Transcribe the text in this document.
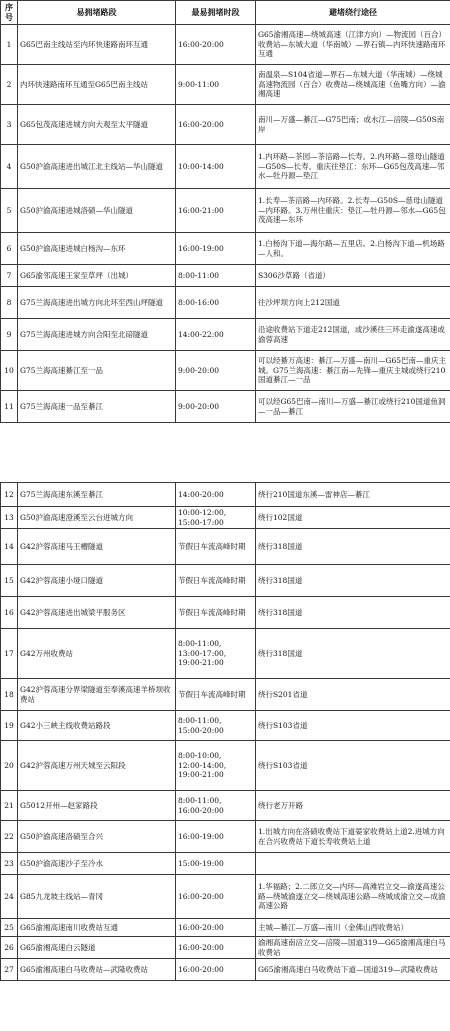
序号	易拥堵路段	最易拥堵时段	避堵绕行途径
1	G65巴南主线站至内环快速路南环互通	16:00-20:00	G65渝湘高速—绕城高速（江津方向）—物流园（百合）收费站—东城大道（华南城）—界石镇—内环快速路南环互通
2	内环快速路南环互通至G65巴南主线站	9:00-11:00	南温泉—S104省道—界石—东城大道（华南城）—绕城高速物流园（百合）收费站—绕城高速（鱼嘴方向）—渝湘高速
3	G65包茂高速进城方向大观至太平隧道	16:00-20:00	南川—万盛—綦江—G75巴南；或水江—涪陵—G50S南岸
4	G50沪渝高速进出城江北主线站—华山隧道	10:00-14:00	1.内环路—茶园—茶涪路—长寿。2.内环路—慈母山隧道—G50S—长寿。重庆往垫江：东环—G65包茂高速—邻水—牡丹源—垫江
5	G50沪渝高速进城洛碛—华山隧道	16:00-21:00	1.长寿—茶涪路—内环路。2.长寿—G50S—慈母山隧道—内环路。3.万州往重庆：垫江—牡丹源—邻水—G65包茂高速—东环
6	G50沪渝高速进城白杨沟—东环	16:00-19:00	1.白杨沟下道—海尔路—五里店。2.白杨沟下道—机场路—人和。
7	G65渝邻高速王家至草坪（出城）	8:00-11:00	S306沙草路（省道）
8	G75兰海高速进出城方向北环至西山坪隧道	8:00-16:00	往沙坪坝方向上212国道
9	G75兰海高速进城方向合阳至北碚隧道	14:00-22:00	沿途收费站下道走212国道，或沙溪往三环走渝遂高速或渝蓉高速
10	G75兰海高速綦江至一品	9:00-20:00	可以经綦万高速：綦江—万盛—南川—G65巴南—重庆主城。G75兰海高速：綦江南—先锋—重庆主城或绕行210国道綦江—一品
11	G75兰海高速一品至綦江	9:00-20:00	可以经G65巴南—南川—万盛—綦江或绕行210国道鱼洞—一品—綦江
12	G75兰海高速东溪至綦江	14:00-20:00	绕行210国道东溪—雷神店—綦江
13	G50沪渝高速澄溪至云台进城方向	10:00-12:00,
15:00-17:00	绕行102国道
14	G42沪蓉高速马王槽隧道	节假日车流高峰时期	绕行318国道
15	G42沪蓉高速小垭口隧道	节假日车流高峰时期	绕行318国道
16	G42沪蓉高速进出城梁平服务区	节假日车流高峰时期	绕行318国道
17	G42万州收费站	8:00-11:00,
13:00-17:00,
19:00-21:00	绕行318国道
18	G42沪蓉高速分界梁隧道至奉溪高速羊桥坝收费站	节假日车流高峰时期	绕行S201省道
19	G42小三峡主线收费站路段	8:00-11:00,
15:00-20:00	绕行S103省道
20	G42沪蓉高速万州天城至云阳段	8:00-10:00,
12:00-14:00,
19:00-21:00	绕行S103省道
21	G5012开州—赵家路段	8:00-11:00,
16:00-20:00	绕行老万开路
22	G50沪渝高速洛碛至合兴	16:00-19:00	1.出城方向在洛碛收费站下道晏家收费站上道2.进城方向在合兴收费站下道长寿收费站上道
23	G50沪渝高速沙子至冷水	15:00-19:00	
24	G85九龙坡主线站—青冈	16:00-20:00	1.华福路；2.二郎立交—内环—高滩岩立交—渝遂高速公路—绕城渝遂立交—绕城高速公路—绕城成渝立交—成渝高速公路
25	G65渝湘高速南川收费站互通	16:00-20:00	主城—綦江—万盛—南川（金佛山西收费站）
26	G65渝湘高速白云隧道	16:00-20:00	渝湘高速南涪立交—涪陵—国道319—G65渝湘高速白马收费站
27	G65渝湘高速白马收费站—武隆收费站	16:00-20:00	G65渝湘高速白马收费站下道—国道319—武隆收费站
